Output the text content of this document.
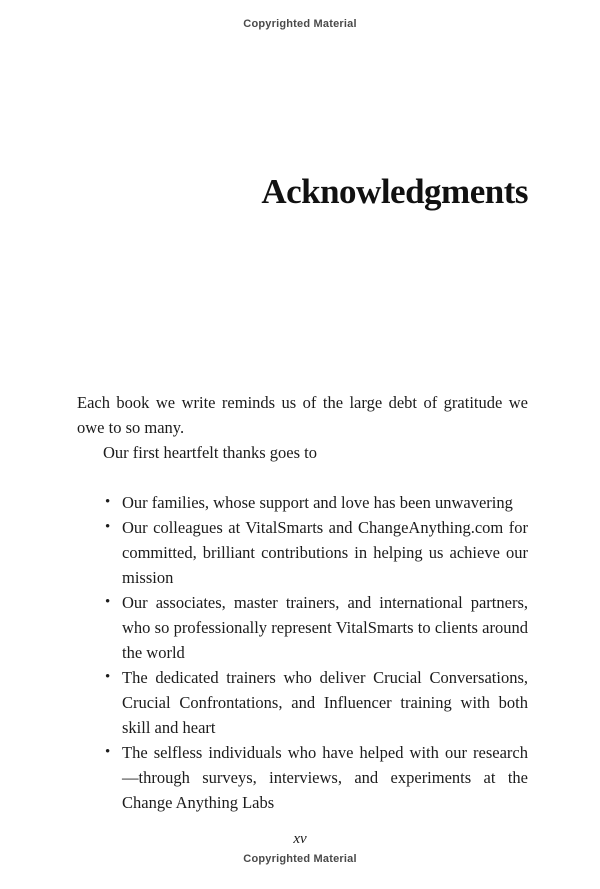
Copyrighted Material
Acknowledgments

Each book we write reminds us of the large debt of gratitude we owe to so many.

Our first heartfelt thanks goes to

• Our families, whose support and love has been unwavering
• Our colleagues at VitalSmarts and ChangeAnything.com for committed, brilliant contributions in helping us achieve our mission
• Our associates, master trainers, and international partners, who so professionally represent VitalSmarts to clients around the world
• The dedicated trainers who deliver Crucial Conversations, Crucial Confrontations, and Influencer training with both skill and heart
• The selfless individuals who have helped with our research—through surveys, interviews, and experiments at the Change Anything Labs
xv
Copyrighted Material
